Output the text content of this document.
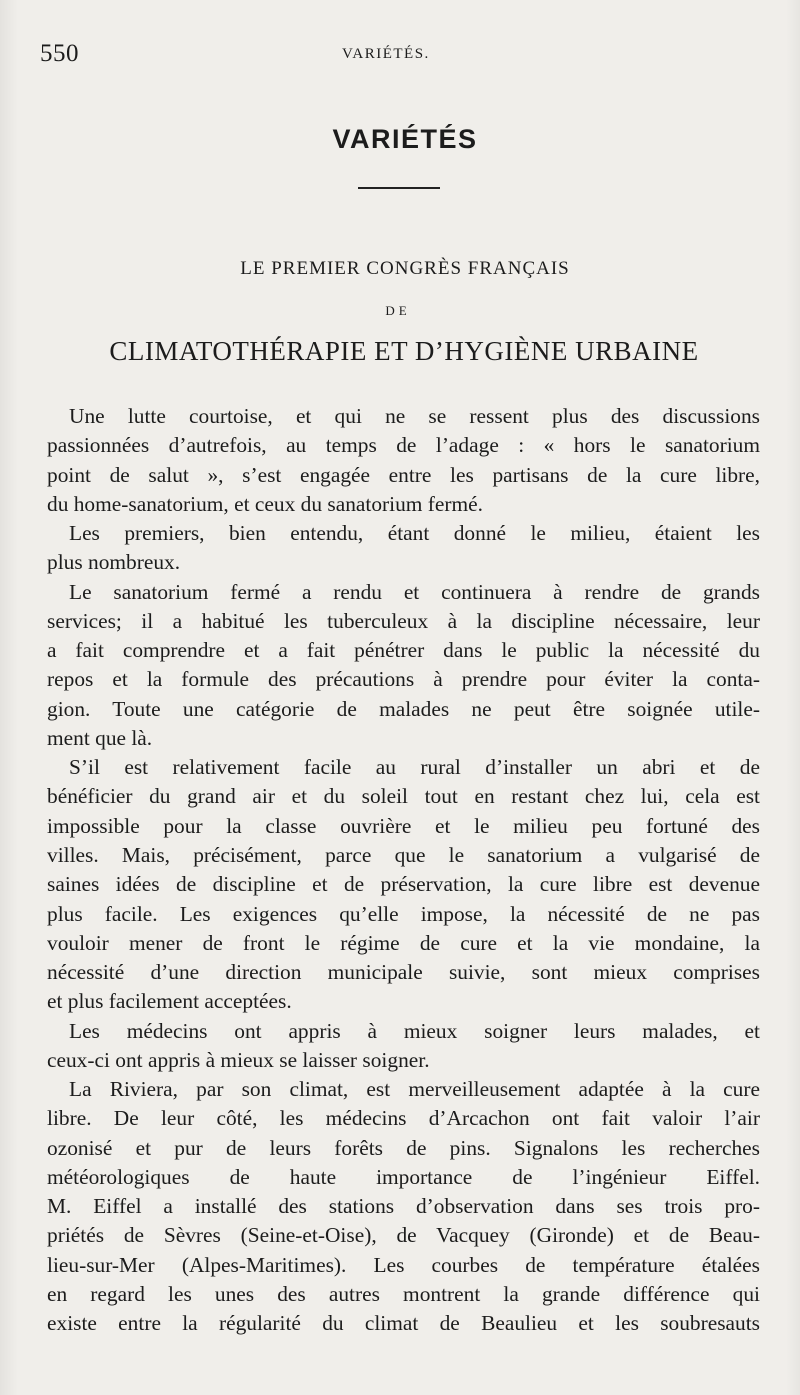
550	VARIÉTÉS.
VARIÉTÉS
LE PREMIER CONGRÈS FRANÇAIS
DE
CLIMATOTHÉRAPIE ET D’HYGIÈNE URBAINE
Une lutte courtoise, et qui ne se ressent plus des discussions
passionnées d’autrefois, au temps de l’adage : « hors le sanatorium
point de salut », s’est engagée entre les partisans de la cure libre,
du home-sanatorium, et ceux du sanatorium fermé.
Les premiers, bien entendu, étant donné le milieu, étaient les
plus nombreux.
Le sanatorium fermé a rendu et continuera à rendre de grands
services; il a habitué les tuberculeux à la discipline nécessaire, leur
a fait comprendre et a fait pénétrer dans le public la nécessité du
repos et la formule des précautions à prendre pour éviter la conta-
gion. Toute une catégorie de malades ne peut être soignée utile-
ment que là.
S’il est relativement facile au rural d’installer un abri et de
bénéficier du grand air et du soleil tout en restant chez lui, cela est
impossible pour la classe ouvrière et le milieu peu fortuné des
villes. Mais, précisément, parce que le sanatorium a vulgarisé de
saines idées de discipline et de préservation, la cure libre est devenue
plus facile. Les exigences qu’elle impose, la nécessité de ne pas
vouloir mener de front le régime de cure et la vie mondaine, la
nécessité d’une direction municipale suivie, sont mieux comprises
et plus facilement acceptées.
Les médecins ont appris à mieux soigner leurs malades, et
ceux-ci ont appris à mieux se laisser soigner.
La Riviera, par son climat, est merveilleusement adaptée à la cure
libre. De leur côté, les médecins d’Arcachon ont fait valoir l’air
ozonisé et pur de leurs forêts de pins. Signalons les recherches
météorologiques de haute importance de l’ingénieur Eiffel.
M. Eiffel a installé des stations d’observation dans ses trois pro-
priétés de Sèvres (Seine-et-Oise), de Vacquey (Gironde) et de Beau-
lieu-sur-Mer (Alpes-Maritimes). Les courbes de température étalées
en regard les unes des autres montrent la grande différence qui
existe entre la régularité du climat de Beaulieu et les soubresauts
